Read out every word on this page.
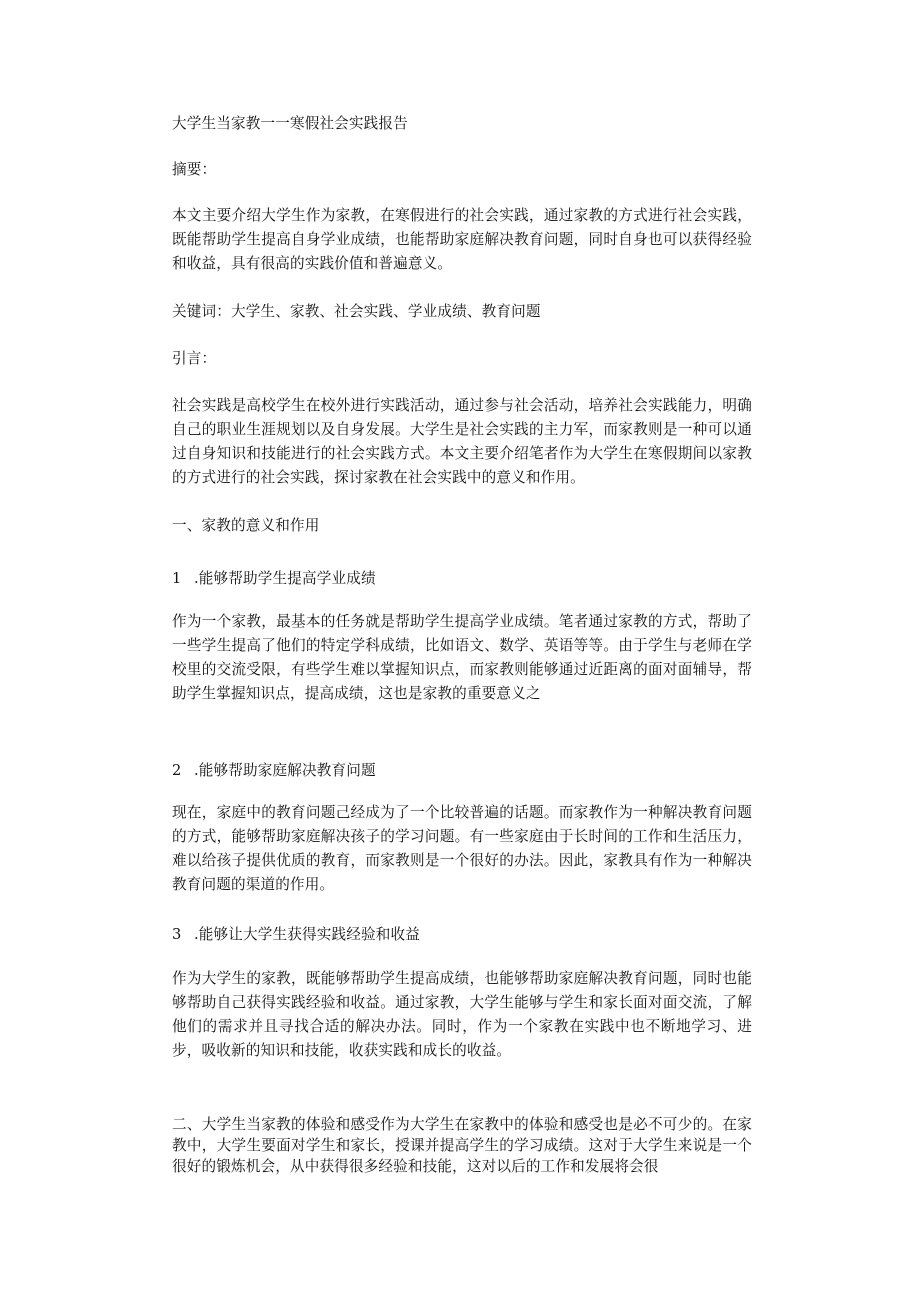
大学生当家教一一寒假社会实践报告

摘要：

本文主要介绍大学生作为家教，在寒假进行的社会实践，通过家教的方式进行社会实践，既能帮助学生提高自身学业成绩，也能帮助家庭解决教育问题，同时自身也可以获得经验和收益，具有很高的实践价值和普遍意义。

关键词：大学生、家教、社会实践、学业成绩、教育问题

引言：

社会实践是高校学生在校外进行实践活动，通过参与社会活动，培养社会实践能力，明确自己的职业生涯规划以及自身发展。大学生是社会实践的主力军，而家教则是一种可以通过自身知识和技能进行的社会实践方式。本文主要介绍笔者作为大学生在寒假期间以家教的方式进行的社会实践，探讨家教在社会实践中的意义和作用。

一、家教的意义和作用

1 .能够帮助学生提高学业成绩

作为一个家教，最基本的任务就是帮助学生提高学业成绩。笔者通过家教的方式，帮助了一些学生提高了他们的特定学科成绩，比如语文、数学、英语等等。由于学生与老师在学校里的交流受限，有些学生难以掌握知识点，而家教则能够通过近距离的面对面辅导，帮助学生掌握知识点，提高成绩，这也是家教的重要意义之

2 .能够帮助家庭解决教育问题

现在，家庭中的教育问题己经成为了一个比较普遍的话题。而家教作为一种解决教育问题的方式，能够帮助家庭解决孩子的学习问题。有一些家庭由于长时间的工作和生活压力，难以给孩子提供优质的教育，而家教则是一个很好的办法。因此，家教具有作为一种解决教育问题的渠道的作用。

3 .能够让大学生获得实践经验和收益

作为大学生的家教，既能够帮助学生提高成绩，也能够帮助家庭解决教育问题，同时也能够帮助自己获得实践经验和收益。通过家教，大学生能够与学生和家长面对面交流，了解他们的需求并且寻找合适的解决办法。同时，作为一个家教在实践中也不断地学习、进步，吸收新的知识和技能，收获实践和成长的收益。

二、大学生当家教的体验和感受作为大学生在家教中的体验和感受也是必不可少的。在家教中，大学生要面对学生和家长，授课并提高学生的学习成绩。这对于大学生来说是一个很好的锻炼机会，从中获得很多经验和技能，这对以后的工作和发展将会很
